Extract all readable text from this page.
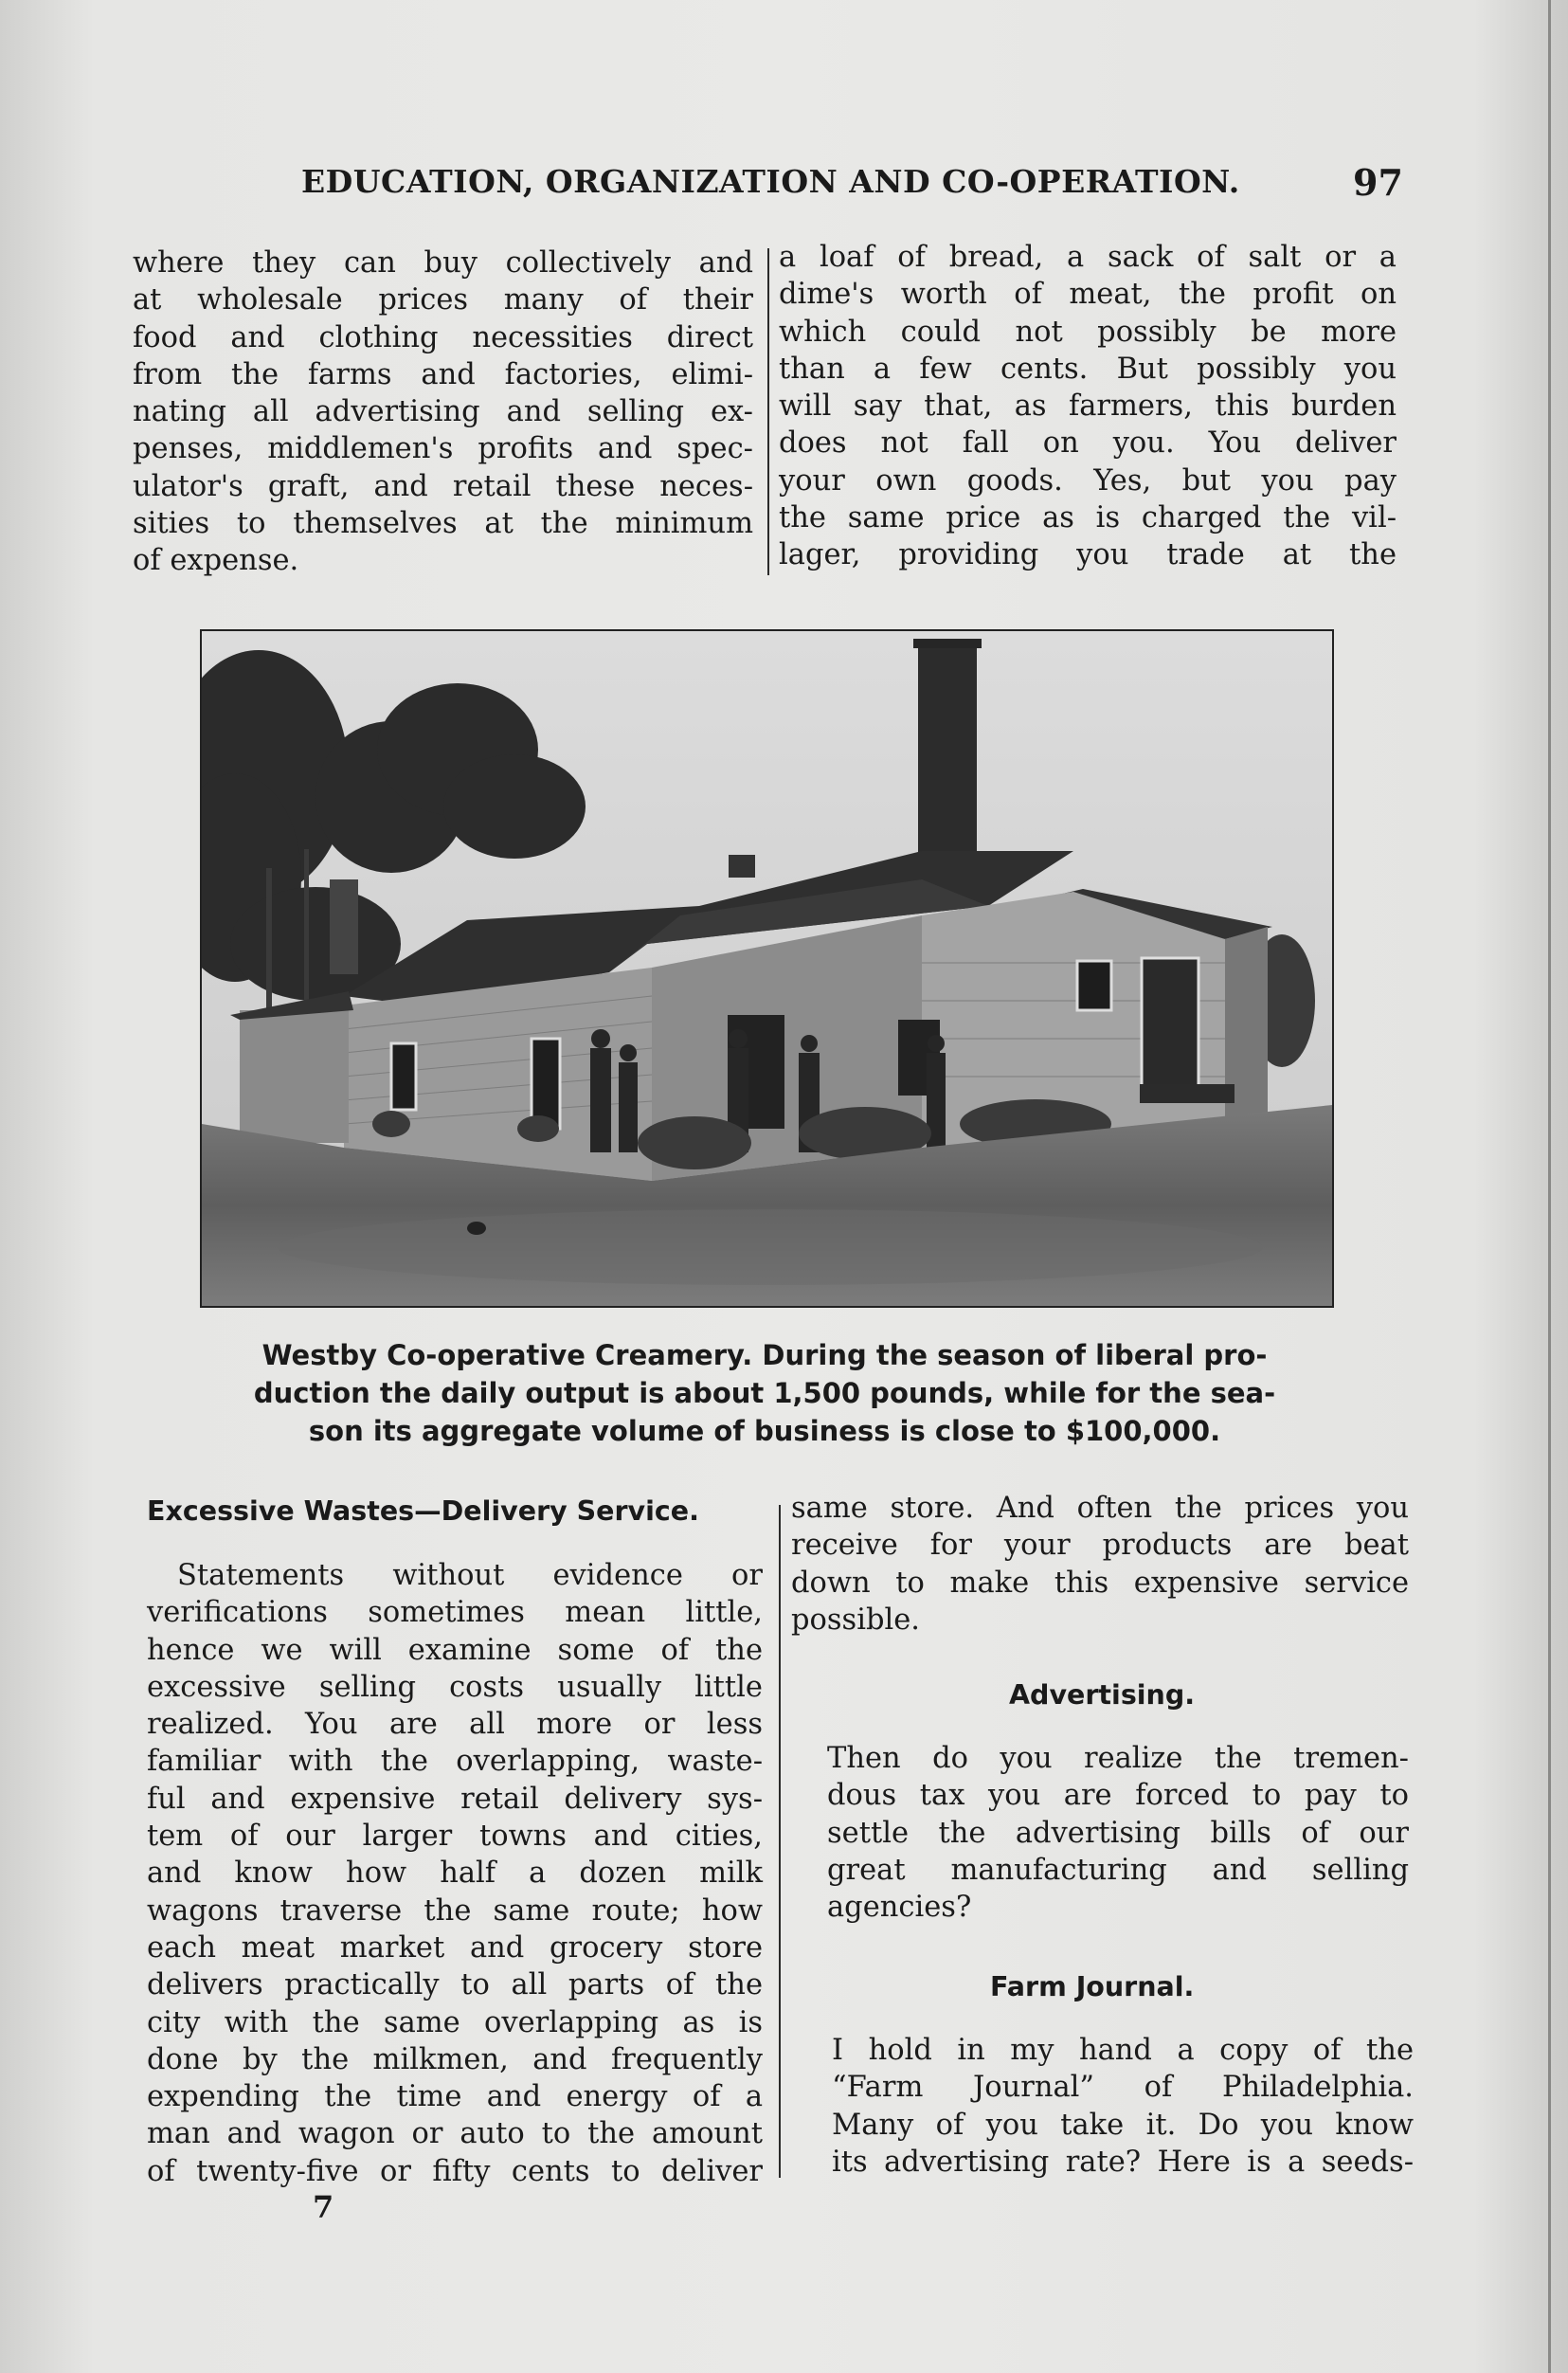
EDUCATION, ORGANIZATION AND CO-OPERATION.	97
where they can buy collectively and
at wholesale prices many of their
food and clothing necessities direct
from the farms and factories, elimi-
nating all advertising and selling ex-
penses, middlemen's profits and spec-
ulator's graft, and retail these neces-
sities to themselves at the minimum
of expense.
a loaf of bread, a sack of salt or a
dime's worth of meat, the profit on
which could not possibly be more
than a few cents. But possibly you
will say that, as farmers, this burden
does not fall on you. You deliver
your own goods. Yes, but you pay
the same price as is charged the vil-
lager, providing you trade at the
Westby Co-operative Creamery. During the season of liberal pro-
duction the daily output is about 1,500 pounds, while for the sea-
son its aggregate volume of business is close to $100,000.
Excessive Wastes—Delivery Service.
Statements without evidence or
verifications sometimes mean little,
hence we will examine some of the
excessive selling costs usually little
realized. You are all more or less
familiar with the overlapping, waste-
ful and expensive retail delivery sys-
tem of our larger towns and cities,
and know how half a dozen milk
wagons traverse the same route; how
each meat market and grocery store
delivers practically to all parts of the
city with the same overlapping as is
done by the milkmen, and frequently
expending the time and energy of a
man and wagon or auto to the amount
of twenty-five or fifty cents to deliver
same store. And often the prices you
receive for your products are beat
down to make this expensive service
possible.
Advertising.
Then do you realize the tremen-
dous tax you are forced to pay to
settle the advertising bills of our
great manufacturing and selling
agencies?
Farm Journal.
I hold in my hand a copy of the
“Farm Journal” of Philadelphia.
Many of you take it. Do you know
its advertising rate? Here is a seeds-
7
